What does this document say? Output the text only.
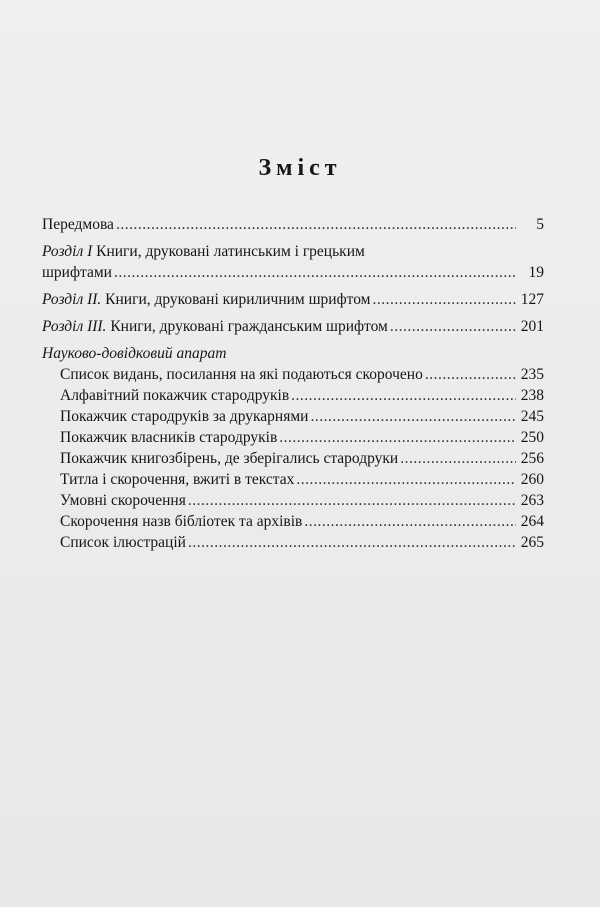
Зміст
Передмова .....	5
Розділ I Книги, друковані латинським і грецьким
шрифтами .....	19
Розділ II. Книги, друковані кириличним шрифтом .....	127
Розділ III. Книги, друковані гражданським шрифтом .....	201
Науково-довідковий апарат
Список видань, посилання на які подаються скорочено .....	235
Алфавітний покажчик стародруків .....	238
Покажчик стародруків за друкарнями .....	245
Покажчик власників стародруків .....	250
Покажчик книгозбірень, де зберігались стародруки .....	256
Титла і скорочення, вжиті в текстах .....	260
Умовні скорочення .....	263
Скорочення назв бібліотек та архівів .....	264
Список ілюстрацій .....	265
